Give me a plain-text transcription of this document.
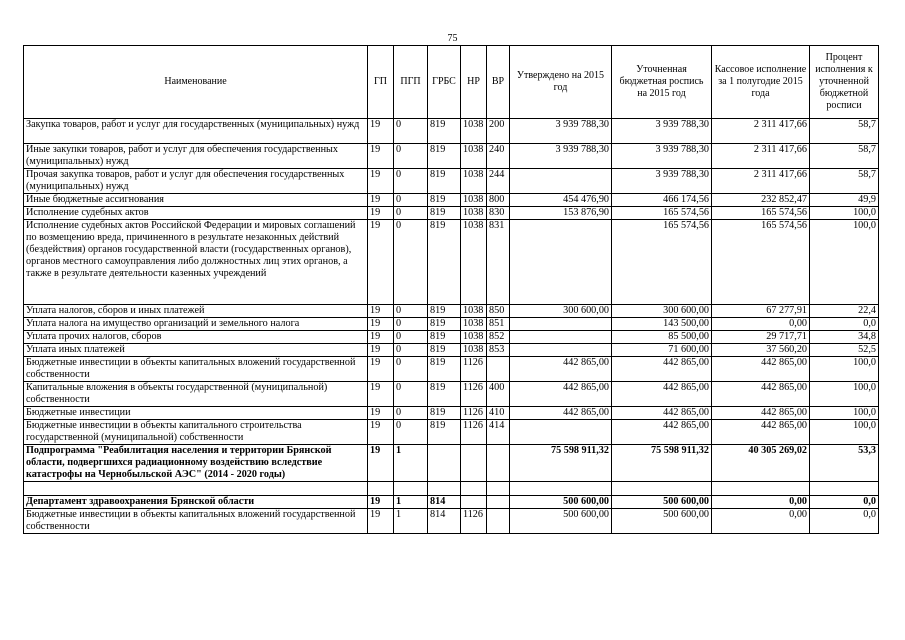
75
Наименование	ГП	ПГП	ГРБС	НР	ВР	Утверждено на 2015 год	Уточненная бюджетная роспись на 2015 год	Кассовое исполнение за 1 полугодие 2015 года	Процент исполнения к уточненной бюджетной росписи
Закупка товаров, работ и услуг для государственных (муниципальных) нужд	19	0	819	1038	200	3 939 788,30	3 939 788,30	2 311 417,66	58,7
Иные закупки товаров, работ и услуг для обеспечения государственных (муниципальных) нужд	19	0	819	1038	240	3 939 788,30	3 939 788,30	2 311 417,66	58,7
Прочая закупка товаров, работ и услуг для обеспечения государственных (муниципальных) нужд	19	0	819	1038	244		3 939 788,30	2 311 417,66	58,7
Иные бюджетные ассигнования	19	0	819	1038	800	454 476,90	466 174,56	232 852,47	49,9
Исполнение судебных актов	19	0	819	1038	830	153 876,90	165 574,56	165 574,56	100,0
Исполнение судебных актов Российской Федерации и мировых соглашений по возмещению вреда, причиненного в результате незаконных действий (бездействия) органов государственной власти (государственных органов), органов местного самоуправления либо должностных лиц этих органов, а также в результате деятельности казенных учреждений	19	0	819	1038	831		165 574,56	165 574,56	100,0
Уплата налогов, сборов и иных платежей	19	0	819	1038	850	300 600,00	300 600,00	67 277,91	22,4
Уплата налога на имущество организаций и земельного налога	19	0	819	1038	851		143 500,00	0,00	0,0
Уплата прочих налогов, сборов	19	0	819	1038	852		85 500,00	29 717,71	34,8
Уплата иных платежей	19	0	819	1038	853		71 600,00	37 560,20	52,5
Бюджетные инвестиции в объекты капитальных вложений государственной собственности	19	0	819	1126		442 865,00	442 865,00	442 865,00	100,0
Капитальные вложения в объекты государственной (муниципальной) собственности	19	0	819	1126	400	442 865,00	442 865,00	442 865,00	100,0
Бюджетные инвестиции	19	0	819	1126	410	442 865,00	442 865,00	442 865,00	100,0
Бюджетные инвестиции в объекты капитального строительства государственной (муниципальной) собственности	19	0	819	1126	414		442 865,00	442 865,00	100,0
Подпрограмма "Реабилитация населения и территории Брянской области, подвергшихся радиационному воздействию вследствие катастрофы на Чернобыльской АЭС" (2014 - 2020 годы)	19	1				75 598 911,32	75 598 911,32	40 305 269,02	53,3

Департамент здравоохранения Брянской области	19	1	814			500 600,00	500 600,00	0,00	0,0
Бюджетные инвестиции в объекты капитальных вложений государственной собственности	19	1	814	1126		500 600,00	500 600,00	0,00	0,0
